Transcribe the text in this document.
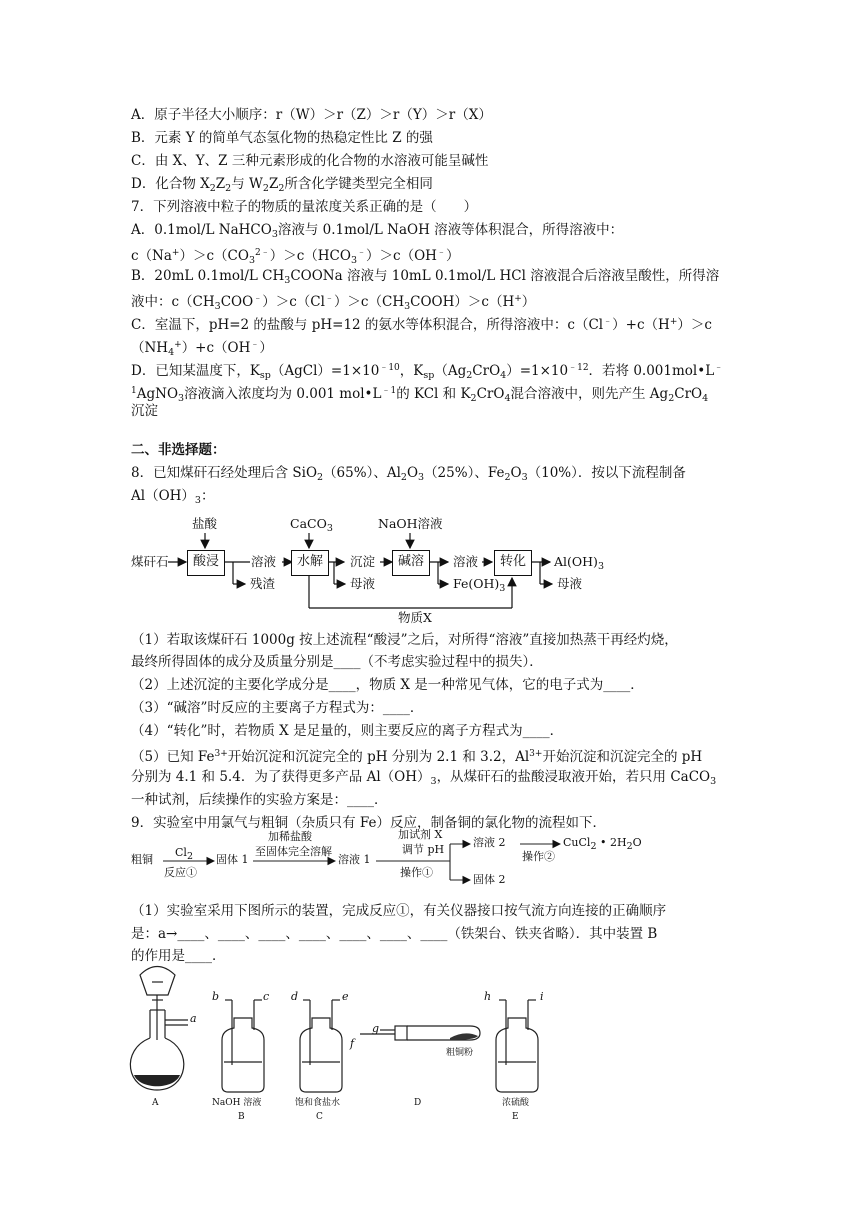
A．原子半径大小顺序：r（W）＞r（Z）＞r（Y）＞r（X）
B．元素 Y 的简单气态氢化物的热稳定性比 Z 的强
C．由 X、Y、Z 三种元素形成的化合物的水溶液可能呈碱性
D．化合物 $X_2Z_2$与 $W_2Z_2$所含化学键类型完全相同
7．下列溶液中粒子的物质的量浓度关系正确的是（　　）
A．0.1mol/L NaHCO$_3$溶液与 0.1mol/L NaOH 溶液等体积混合，所得溶液中：
$c(Na^+)>c(CO_3^{2﹣})>c(HCO_3^﹣)>c(OH^﹣)$
B．20mL 0.1mol/L $CH_3COONa$ 溶液与 10mL 0.1mol/L HCl 溶液混合后溶液呈酸性，所得溶
液中：$c(CH_3COO^﹣)>c(Cl^﹣)>c(CH_3COOH)>c(H^+)$
C．室温下，pH=2 的盐酸与 pH=12 的氨水等体积混合，所得溶液中：c（Cl﹣）+c（H+）＞c
$(NH_4^+)+c(OH^﹣)$
D．已知某温度下，$K_{sp}(AgCl)=1\times 10^{﹣10}$，$K_{sp}(Ag_2CrO_4)=1\times 10^{﹣12}$．若将 0.001mol•L﹣
$^1$AgNO$_3$溶液滴入浓度均为 0.001 $mol•L^{﹣1}$的 KCl 和 $K_2CrO_4$混合溶液中，则先产生 $Ag_2CrO_4$
沉淀
二、非选择题：
8．已知煤矸石经处理后含 SiO$_2$（65%）、$Al_2O_3(25\%)$、$Fe_2O_3(10\%)$．按以下流程制备
$Al(OH)_3$：
煤矸石
盐酸
酸浸	溶液
残渣
CaCO$_3$
水解	沉淀
母液
NaOH溶液
碱溶	溶液
$Fe(OH)_3$
转化	$Al(OH)_3$
母液
物质X
（1）若取该煤矸石 1000g 按上述流程“酸浸”之后，对所得“溶液”直接加热蒸干再经灼烧，
最终所得固体的成分及质量分别是____（不考虑实验过程中的损失）．
（2）上述沉淀的主要化学成分是____，物质 X 是一种常见气体，它的电子式为____．
（3）“碱溶”时反应的主要离子方程式为：____．
（4）“转化”时，若物质 X 是足量的，则主要反应的离子方程式为____．
（5）已知 $Fe^{3+}$开始沉淀和沉淀完全的 pH 分别为 2.1 和 3.2，$Al^{3+}$开始沉淀和沉淀完全的 pH
分别为 4.1 和 5.4．为了获得更多产品 $Al(OH)_3$，从煤矸石的盐酸浸取液开始，若只用 CaCO$_3$
一种试剂，后续操作的实验方案是：____．
9．实验室中用氯气与粗铜（杂质只有 Fe）反应，制备铜的氯化物的流程如下．
粗铜
Cl2
反应①
固体 1
加稀盐酸
至固体完全溶解
溶液 1
加试剂 X
调节 pH
操作①
溶液 2
操作②
CuCl2 • 2H2O
固体 2
（1）实验室采用下图所示的装置，完成反应①，有关仪器接口按气流方向连接的正确顺序
是：a→____、____、____、____、____、____、____（铁架台、铁夹省略）．其中装置 B
的作用是____．
a
b	c d	e
f
g
h	i
NaOH 溶液	饱和食盐水
粗铜粉
浓硫酸
A
B	C
D
E
